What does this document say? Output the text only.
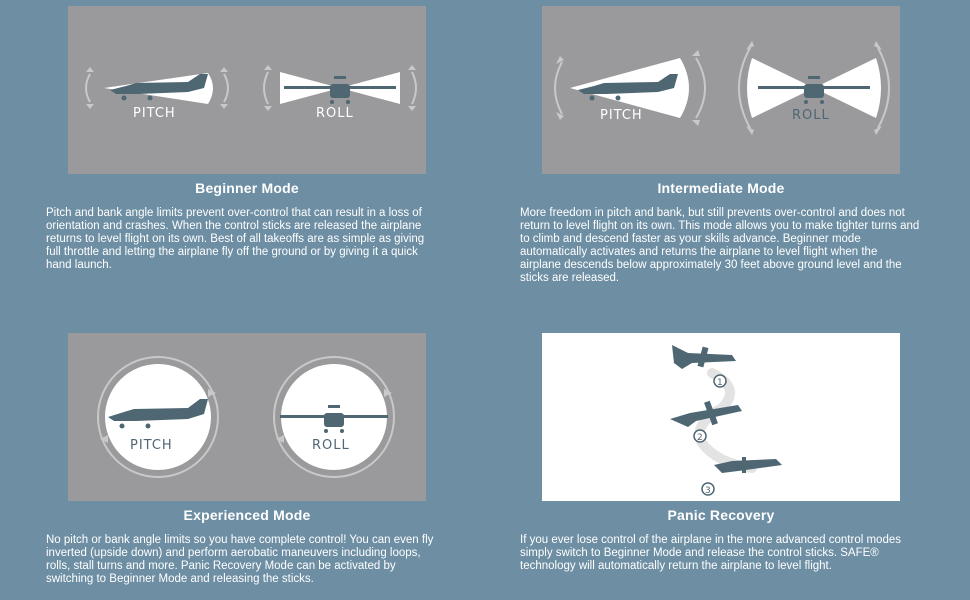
PITCH	ROLL
Beginner Mode
Pitch and bank angle limits prevent over-control that can result in a loss of orientation and crashes. When the control sticks are released the airplane returns to level flight on its own. Best of all takeoffs are as simple as giving full throttle and letting the airplane fly off the ground or by giving it a quick hand launch.
PITCH	ROLL
Intermediate Mode
More freedom in pitch and bank, but still prevents over-control and does not return to level flight on its own. This mode allows you to make tighter turns and to climb and descend faster as your skills advance. Beginner mode automatically activates and returns the airplane to level flight when the airplane descends below approximately 30 feet above ground level and the sticks are released.
PITCH	ROLL
Experienced Mode
No pitch or bank angle limits so you have complete control! You can even fly inverted (upside down) and perform aerobatic maneuvers including loops, rolls, stall turns and more. Panic Recovery Mode can be activated by switching to Beginner Mode and releasing the sticks.
1
2
3
Panic Recovery
If you ever lose control of the airplane in the more advanced control modes simply switch to Beginner Mode and release the control sticks. SAFE® technology will automatically return the airplane to level flight.
